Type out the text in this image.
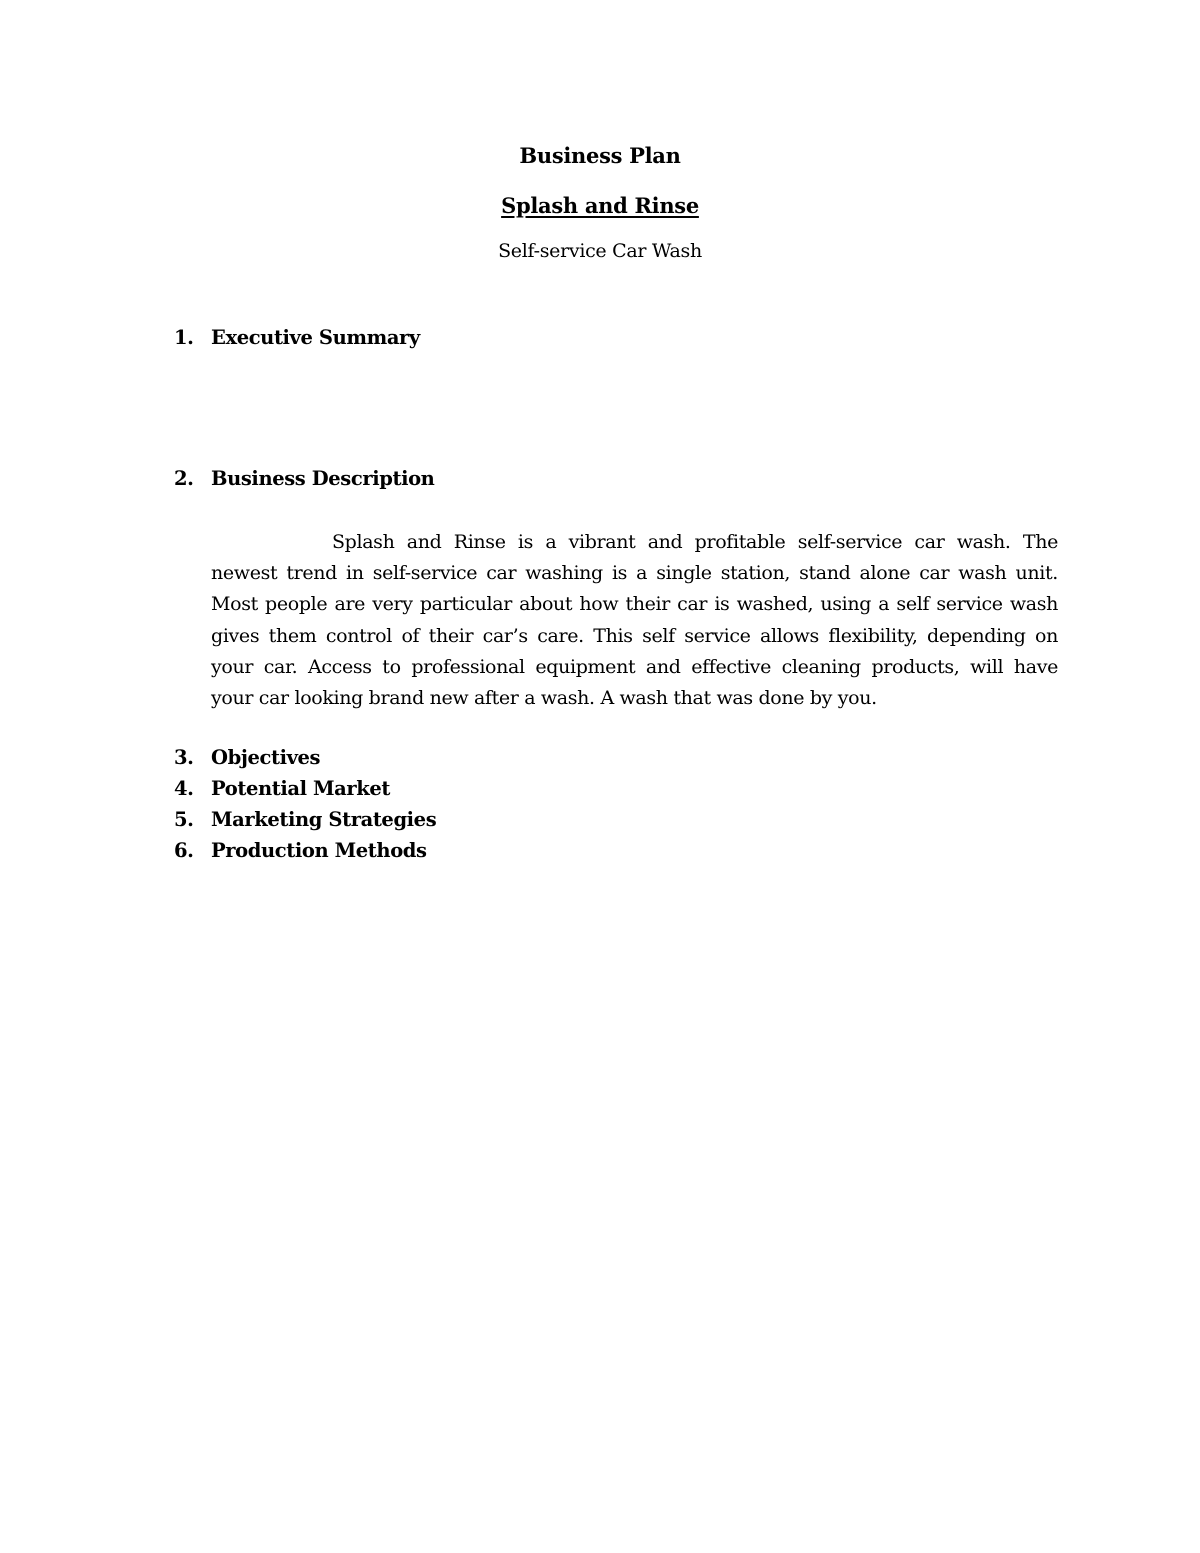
Business Plan
Splash and Rinse
Self-service Car Wash
1. Executive Summary
2. Business Description
Splash and Rinse is a vibrant and profitable self-service car wash. The
newest trend in self-service car washing is a single station, stand alone car wash unit.
Most people are very particular about how their car is washed, using a self service wash
gives them control of their car’s care. This self service allows flexibility, depending on
your car. Access to professional equipment and effective cleaning products, will have
your car looking brand new after a wash. A wash that was done by you.
3. Objectives
4. Potential Market
5. Marketing Strategies
6. Production Methods
